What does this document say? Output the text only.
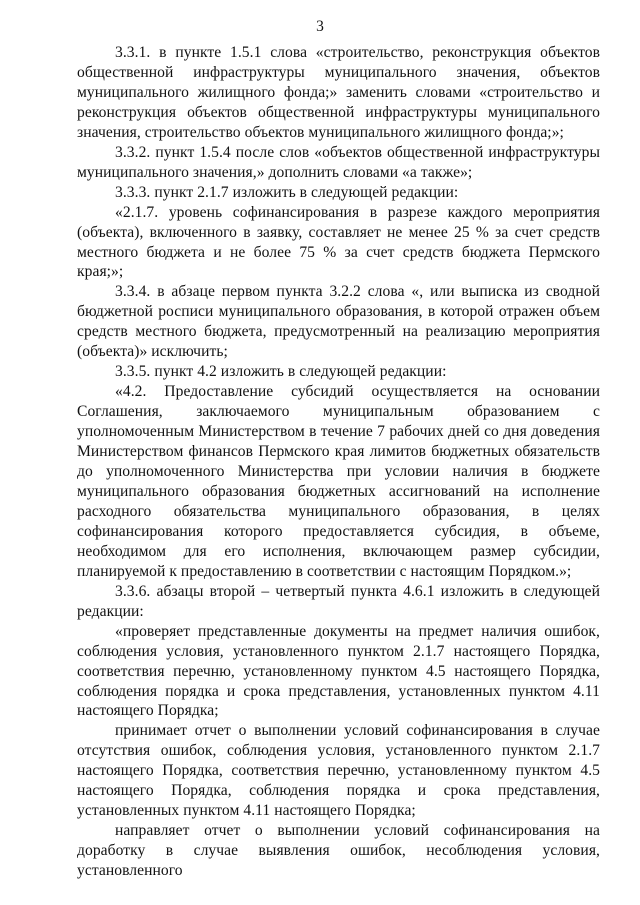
3

3.3.1. в пункте 1.5.1 слова «строительство, реконструкция объектов общественной инфраструктуры муниципального значения, объектов муниципального жилищного фонда;» заменить словами «строительство и реконструкция объектов общественной инфраструктуры муниципального значения, строительство объектов муниципального жилищного фонда;»;

3.3.2. пункт 1.5.4 после слов «объектов общественной инфраструктуры муниципального значения,» дополнить словами «а также»;

3.3.3. пункт 2.1.7 изложить в следующей редакции:

«2.1.7. уровень софинансирования в разрезе каждого мероприятия (объекта), включенного в заявку, составляет не менее 25 % за счет средств местного бюджета и не более 75 % за счет средств бюджета Пермского края;»;

3.3.4. в абзаце первом пункта 3.2.2 слова «, или выписка из сводной бюджетной росписи муниципального образования, в которой отражен объем средств местного бюджета, предусмотренный на реализацию мероприятия (объекта)» исключить;

3.3.5. пункт 4.2 изложить в следующей редакции:

«4.2. Предоставление субсидий осуществляется на основании Соглашения, заключаемого муниципальным образованием с уполномоченным Министерством в течение 7 рабочих дней со дня доведения Министерством финансов Пермского края лимитов бюджетных обязательств до уполномоченного Министерства при условии наличия в бюджете муниципального образования бюджетных ассигнований на исполнение расходного обязательства муниципального образования, в целях софинансирования которого предоставляется субсидия, в объеме, необходимом для его исполнения, включающем размер субсидии, планируемой к предоставлению в соответствии с настоящим Порядком.»;

3.3.6. абзацы второй – четвертый пункта 4.6.1 изложить в следующей редакции:

«проверяет представленные документы на предмет наличия ошибок, соблюдения условия, установленного пунктом 2.1.7 настоящего Порядка, соответствия перечню, установленному пунктом 4.5 настоящего Порядка, соблюдения порядка и срока представления, установленных пунктом 4.11 настоящего Порядка;

принимает отчет о выполнении условий софинансирования в случае отсутствия ошибок, соблюдения условия, установленного пунктом 2.1.7 настоящего Порядка, соответствия перечню, установленному пунктом 4.5 настоящего Порядка, соблюдения порядка и срока представления, установленных пунктом 4.11 настоящего Порядка;

направляет отчет о выполнении условий софинансирования на доработку в случае выявления ошибок, несоблюдения условия, установленного
